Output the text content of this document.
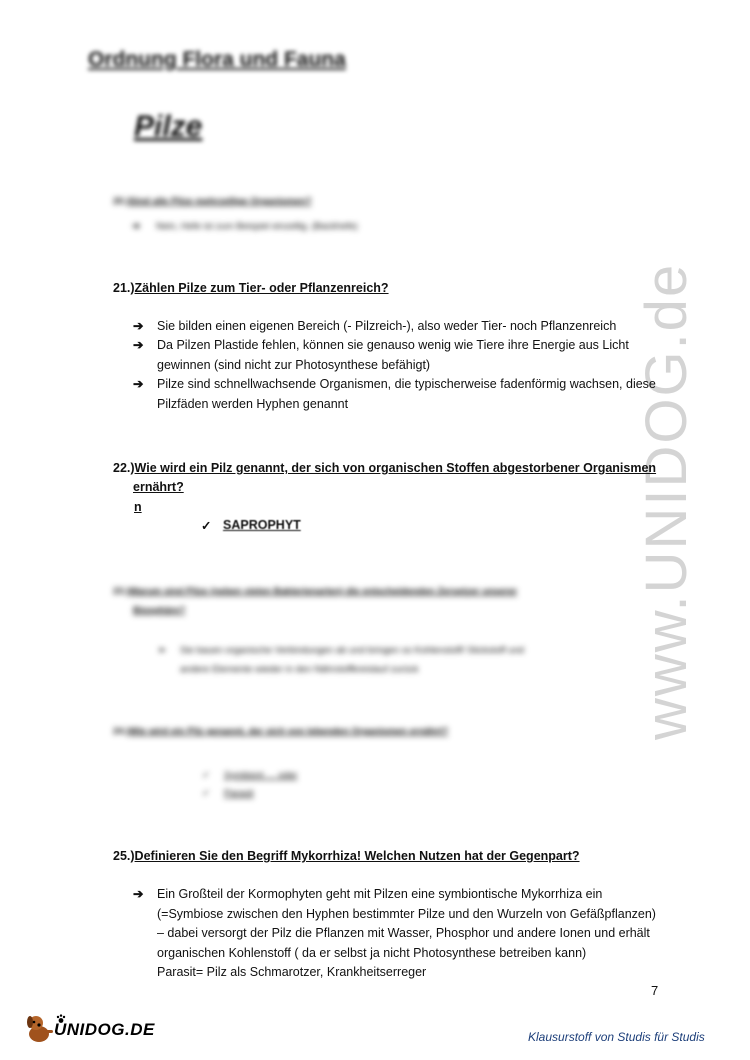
www.UNIDOG.de
Ordnung Flora und Fauna
Pilze
20.)Sind alle Pilze mehrzellige Organismen?
➔ Nein, Hefe ist zum Beispiel einzellig. (Backhefe)
21.)Zählen Pilze zum Tier- oder Pflanzenreich?
➔ Sie bilden einen eigenen Bereich (- Pilzreich-), also weder Tier- noch Pflanzenreich
➔ Da Pilzen Plastide fehlen, können sie genauso wenig wie Tiere ihre Energie aus Licht gewinnen (sind nicht zur Photosynthese befähigt)
➔ Pilze sind schnellwachsende Organismen, die typischerweise fadenförmig wachsen, diese Pilzfäden werden Hyphen genannt
22.)Wie wird ein Pilz genannt, der sich von organischen Stoffen abgestorbener Organismen
ernährt?
n
✓ SAPROPHYT
23.)Warum sind Pilze (neben vielen Bakterienarten) die entscheidenden Zersetzer unserer
Biosphäre?
➢ Sie bauen organische Verbindungen ab und bringen so Kohlenstoff/ Stickstoff und
andere Elemente wieder in den Nährstoffkreislauf zurück
24.)Wie wird ein Pilz genannt, der sich von lebenden Organismen ernährt?
✓ Symbiont … oder
✓ Parasit
25.)Definieren Sie den Begriff Mykorrhiza! Welchen Nutzen hat der Gegenpart?
➔ Ein Großteil der Kormophyten geht mit Pilzen eine symbiontische Mykorrhiza ein
(=Symbiose zwischen den Hyphen bestimmter Pilze und den Wurzeln von Gefäßpflanzen)
– dabei versorgt der Pilz die Pflanzen mit Wasser, Phosphor und andere Ionen und erhält
organischen Kohlenstoff ( da er selbst ja nicht Photosynthese betreiben kann)
Parasit= Pilz als Schmarotzer, Krankheitserreger
7
UNIDOG.DE	Klausurstoff von Studis für Studis
